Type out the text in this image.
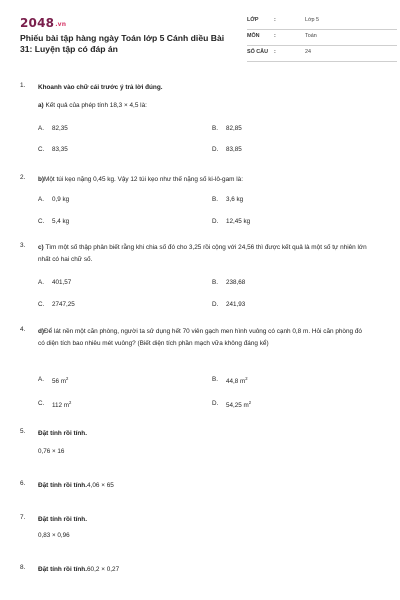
2048.vn
Phiếu bài tập hàng ngày Toán lớp 5 Cánh diều Bài 31: Luyện tập có đáp án
LỚP	:	Lớp 5
MÔN	:	Toán
SỐ CÂU :	24
1.	Khoanh vào chữ cái trước ý trả lời đúng.
a) Kết quả của phép tính 18,3 × 4,5 là:
A. 82,35	B. 82,85
C. 83,35	D. 83,85
2.	b)Một túi kẹo nặng 0,45 kg. Vậy 12 túi kẹo như thế nặng số ki-lô-gam là:
A. 0,9 kg	B. 3,6 kg
C. 5,4 kg	D. 12,45 kg
3.	c) Tìm một số thập phân biết rằng khi chia số đó cho 3,25 rồi cộng với 24,56 thì được kết quả là một số tự nhiên lớn nhất có hai chữ số.
A. 401,57	B. 238,68
C. 2747,25	D. 241,93
4.	d)Để lát nền một căn phòng, người ta sử dụng hết 70 viên gạch men hình vuông có cạnh 0,8 m. Hỏi căn phòng đó có diện tích bao nhiêu mét vuông? (Biết diện tích phần mạch vữa không đáng kể)
A. 56 $m^2$	B. 44,8 $m^2$
C. 112 $m^2$	D. 54,25 $m^2$
5.	Đặt tính rồi tính.
0,76 × 16
6.	Đặt tính rồi tính.4,06 × 65
7.	Đặt tính rồi tính.
0,83 × 0,96
8.	Đặt tính rồi tính.60,2 × 0,27
